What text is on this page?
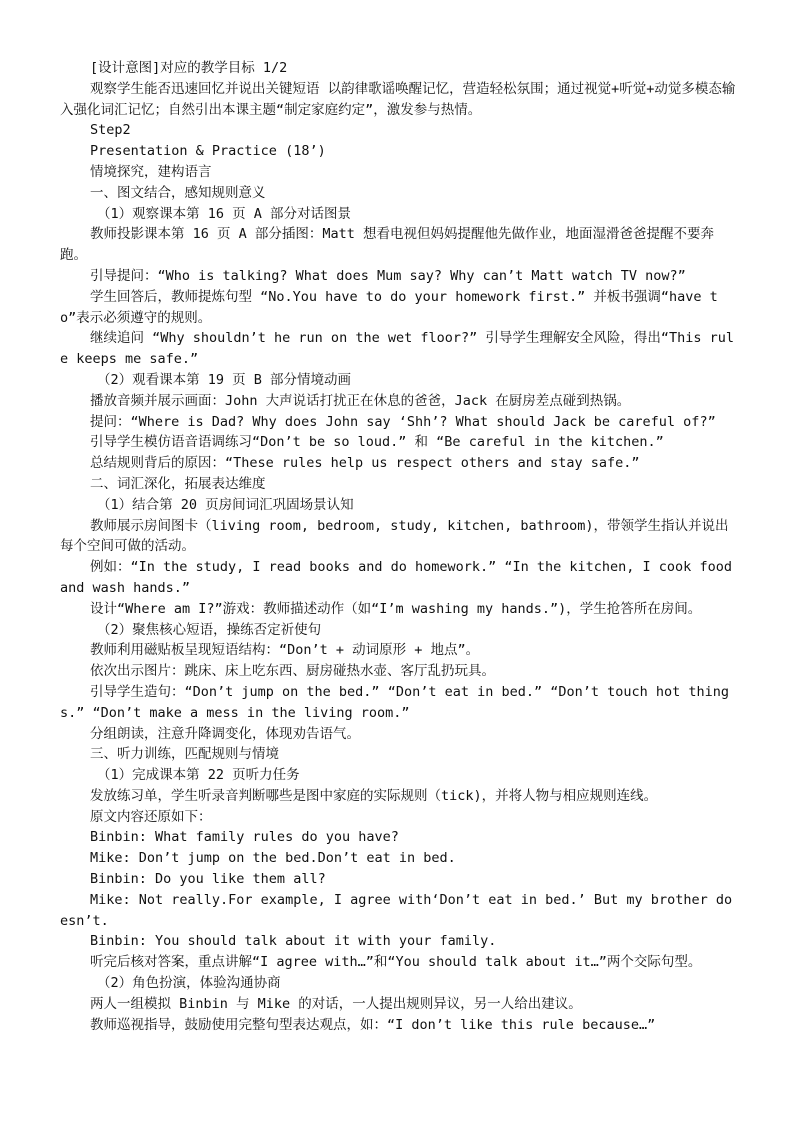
[设计意图]对应的教学目标 1/2

观察学生能否迅速回忆并说出关键短语 以韵律歌谣唤醒记忆，营造轻松氛围；通过视觉+听觉+动觉多模态输入强化词汇记忆；自然引出本课主题“制定家庭约定”，激发参与热情。

Step2

Presentation & Practice (18’)

情境探究，建构语言

一、图文结合，感知规则意义

（1）观察课本第 16 页 A 部分对话图景

教师投影课本第 16 页 A 部分插图：Matt 想看电视但妈妈提醒他先做作业，地面湿滑爸爸提醒不要奔跑。

引导提问：“Who is talking? What does Mum say? Why can’t Matt watch TV now?”

学生回答后，教师提炼句型 “No.You have to do your homework first.” 并板书强调“have to”表示必须遵守的规则。

继续追问 “Why shouldn’t he run on the wet floor?” 引导学生理解安全风险，得出“This rule keeps me safe.”

（2）观看课本第 19 页 B 部分情境动画

播放音频并展示画面：John 大声说话打扰正在休息的爸爸，Jack 在厨房差点碰到热锅。

提问：“Where is Dad? Why does John say ‘Shh’? What should Jack be careful of?”

引导学生模仿语音语调练习“Don’t be so loud.” 和 “Be careful in the kitchen.”

总结规则背后的原因：“These rules help us respect others and stay safe.”

二、词汇深化，拓展表达维度

（1）结合第 20 页房间词汇巩固场景认知

教师展示房间图卡（living room, bedroom, study, kitchen, bathroom)，带领学生指认并说出每个空间可做的活动。

例如：“In the study, I read books and do homework.” “In the kitchen, I cook food and wash hands.”

设计“Where am I?”游戏：教师描述动作（如“I’m washing my hands.”)，学生抢答所在房间。

（2）聚焦核心短语，操练否定祈使句

教师利用磁贴板呈现短语结构：“Don’t + 动词原形 + 地点”。

依次出示图片：跳床、床上吃东西、厨房碰热水壶、客厅乱扔玩具。

引导学生造句：“Don’t jump on the bed.” “Don’t eat in bed.” “Don’t touch hot things.” “Don’t make a mess in the living room.”

分组朗读，注意升降调变化，体现劝告语气。

三、听力训练，匹配规则与情境

（1）完成课本第 22 页听力任务

发放练习单，学生听录音判断哪些是图中家庭的实际规则（tick)，并将人物与相应规则连线。

原文内容还原如下：

Binbin: What family rules do you have?

Mike: Don’t jump on the bed.Don’t eat in bed.

Binbin: Do you like them all?

Mike: Not really.For example, I agree with‘Don’t eat in bed.’ But my brother doesn’t.

Binbin: You should talk about it with your family.

听完后核对答案，重点讲解“I agree with…”和“You should talk about it…”两个交际句型。

（2）角色扮演，体验沟通协商

两人一组模拟 Binbin 与 Mike 的对话，一人提出规则异议，另一人给出建议。

教师巡视指导，鼓励使用完整句型表达观点，如：“I don’t like this rule because…”
